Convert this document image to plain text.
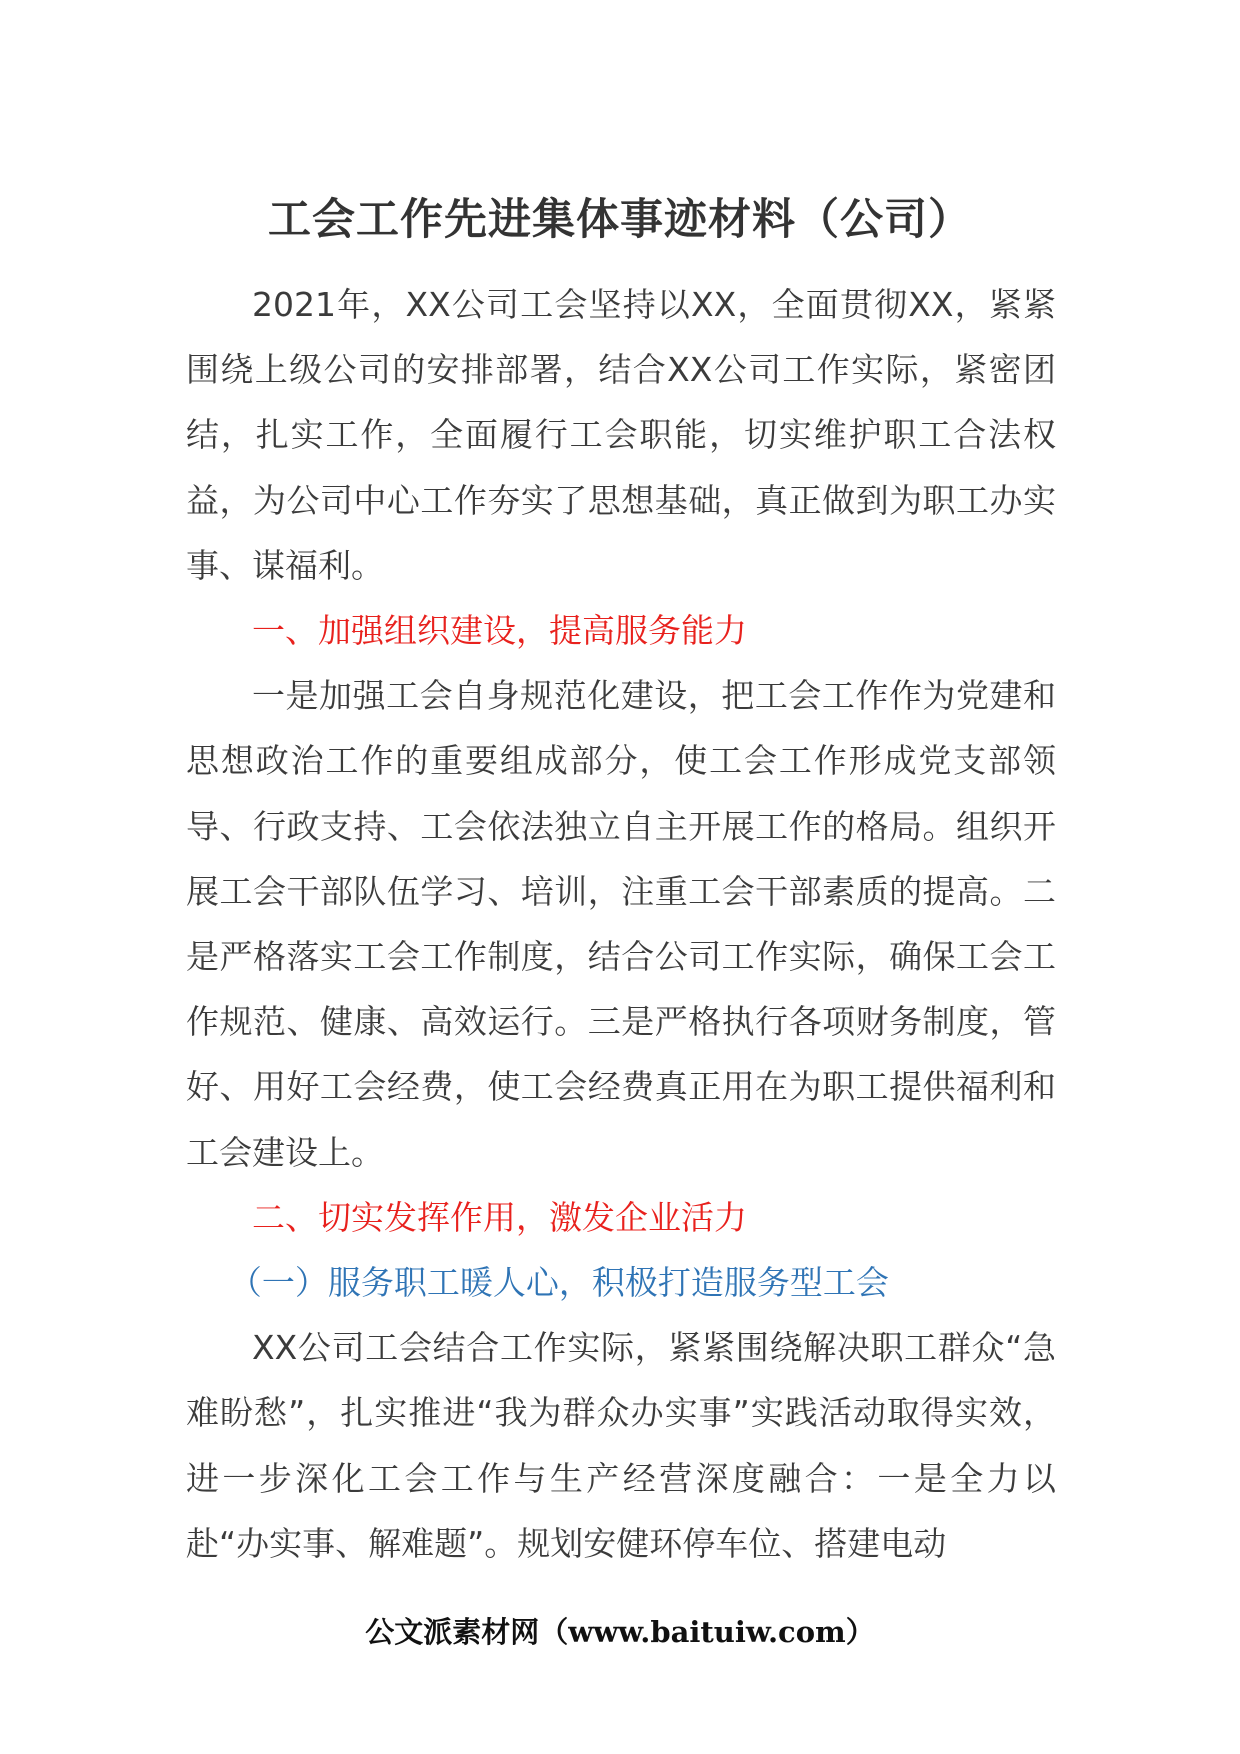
工会工作先进集体事迹材料（公司）

2021年，XX公司工会坚持以XX，全面贯彻XX，紧紧围绕上级公司的安排部署，结合XX公司工作实际，紧密团结，扎实工作，全面履行工会职能，切实维护职工合法权益，为公司中心工作夯实了思想基础，真正做到为职工办实事、谋福利。

一、加强组织建设，提高服务能力

一是加强工会自身规范化建设，把工会工作作为党建和思想政治工作的重要组成部分，使工会工作形成党支部领导、行政支持、工会依法独立自主开展工作的格局。组织开展工会干部队伍学习、培训，注重工会干部素质的提高。二是严格落实工会工作制度，结合公司工作实际，确保工会工作规范、健康、高效运行。三是严格执行各项财务制度，管好、用好工会经费，使工会经费真正用在为职工提供福利和工会建设上。

二、切实发挥作用，激发企业活力

（一）服务职工暖人心，积极打造服务型工会

XX公司工会结合工作实际，紧紧围绕解决职工群众“急难盼愁”，扎实推进“我为群众办实事”实践活动取得实效，进一步深化工会工作与生产经营深度融合：一是全力以赴“办实事、解难题”。规划安健环停车位、搭建电动

公文派素材网（www.baituiw.com）
